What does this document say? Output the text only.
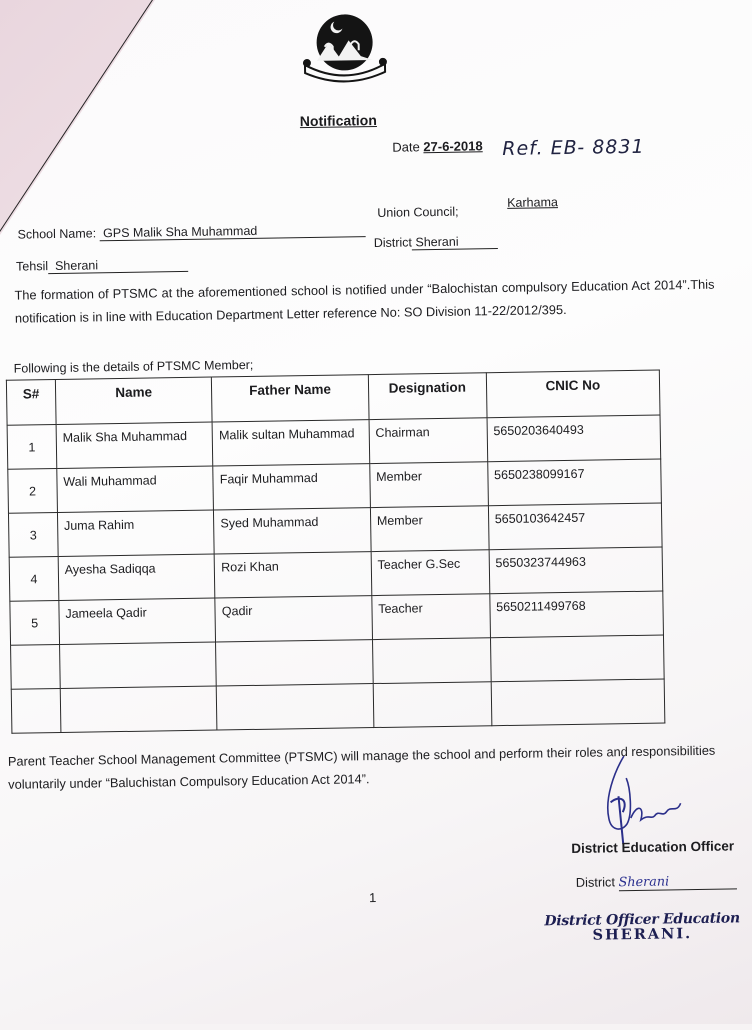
Notification
Date 27-6-2018 Ref. EB- 8831
School Name: GPS Malik Sha Muhammad
Union Council;
Karhama
District Sherani
Tehsil Sherani

The formation of PTSMC at the aforementioned school is notified under “Balochistan compulsory Education Act 2014”.This notification is in line with Education Department Letter reference No: SO Division 11-22/2012/395.

Following is the details of PTSMC Member;
S#	Name	Father Name	Designation	CNIC No
1	Malik Sha Muhammad	Malik sultan Muhammad	Chairman	5650203640493
2	Wali Muhammad	Faqir Muhammad	Member	5650238099167
3	Juma Rahim	Syed Muhammad	Member	5650103642457
4	Ayesha Sadiqqa	Rozi Khan	Teacher G.Sec	5650323744963
5	Jameela Qadir	Qadir	Teacher	5650211499768

Parent Teacher School Management Committee (PTSMC) will manage the school and perform their roles and responsibilities voluntarily under “Baluchistan Compulsory Education Act 2014”.
District Education Officer
District Sherani
1
District Officer Education
SHERANI.
